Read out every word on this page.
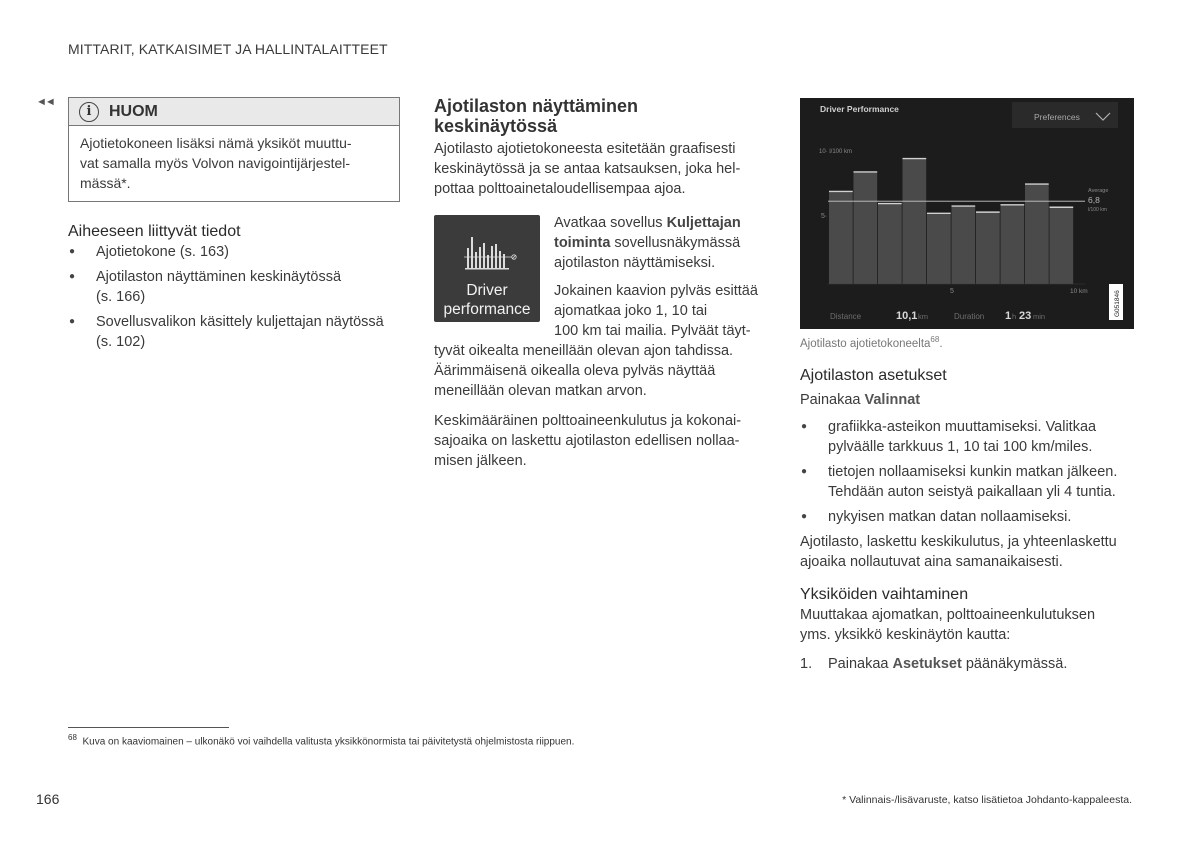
MITTARIT, KATKAISIMET JA HALLINTALAITTEET
◄◄
i	HUOM
Ajotietokoneen lisäksi nämä yksiköt muuttu-
vat samalla myös Volvon navigointijärjestel-
mässä*.
Aiheeseen liittyvät tiedot
● Ajotietokone (s. 163)
● Ajotilaston näyttäminen keskinäytössä
(s. 166)
● Sovellusvalikon käsittely kuljettajan näytössä
(s. 102)
Ajotilaston näyttäminen
keskinäytössä
Ajotilasto ajotietokoneesta esitetään graafisesti
keskinäytössä ja se antaa katsauksen, joka hel-
pottaa polttoainetaloudellisempaa ajoa.
Driver
performance
Avatkaa sovellus Kuljettajan
toiminta sovellusnäkymässä
ajotilaston näyttämiseksi.
Jokainen kaavion pylväs esittää
ajomatkaa joko 1, 10 tai
100 km tai mailia. Pylväät täyt-
tyvät oikealta meneillään olevan ajon tahdissa.
Äärimmäisenä oikealla oleva pylväs näyttää
meneillään olevan matkan arvon.
Keskimääräinen polttoaineenkulutus ja kokonai-
sajoaika on laskettu ajotilaston edellisen nollaa-
misen jälkeen.
Driver Performance
Preferences
10· l/100 km
5·
Average
6,8
l/100 km
5	10 km
Distance	10,1 km	Duration 1 h 23 min	G051846
Ajotilasto ajotietokoneelta$^{68}$.
Ajotilaston asetukset
Painakaa Valinnat
● grafiikka-asteikon muuttamiseksi. Valitkaa
pylväälle tarkkuus 1, 10 tai 100 km/miles.
● tietojen nollaamiseksi kunkin matkan jälkeen.
Tehdään auton seistyä paikallaan yli 4 tuntia.
● nykyisen matkan datan nollaamiseksi.
Ajotilasto, laskettu keskikulutus, ja yhteenlaskettu
ajoaika nollautuvat aina samanaikaisesti.
Yksiköiden vaihtaminen
Muuttakaa ajomatkan, polttoaineenkulutuksen
yms. yksikkö keskinäytön kautta:
1.	Painakaa Asetukset päänäkymässä.
$^{68}$ Kuva on kaaviomainen – ulkonäkö voi vaihdella valitusta yksikkönormista tai päivitetystä ohjelmistosta riippuen.
166	* Valinnais-/lisävaruste, katso lisätietoa Johdanto-kappaleesta.
